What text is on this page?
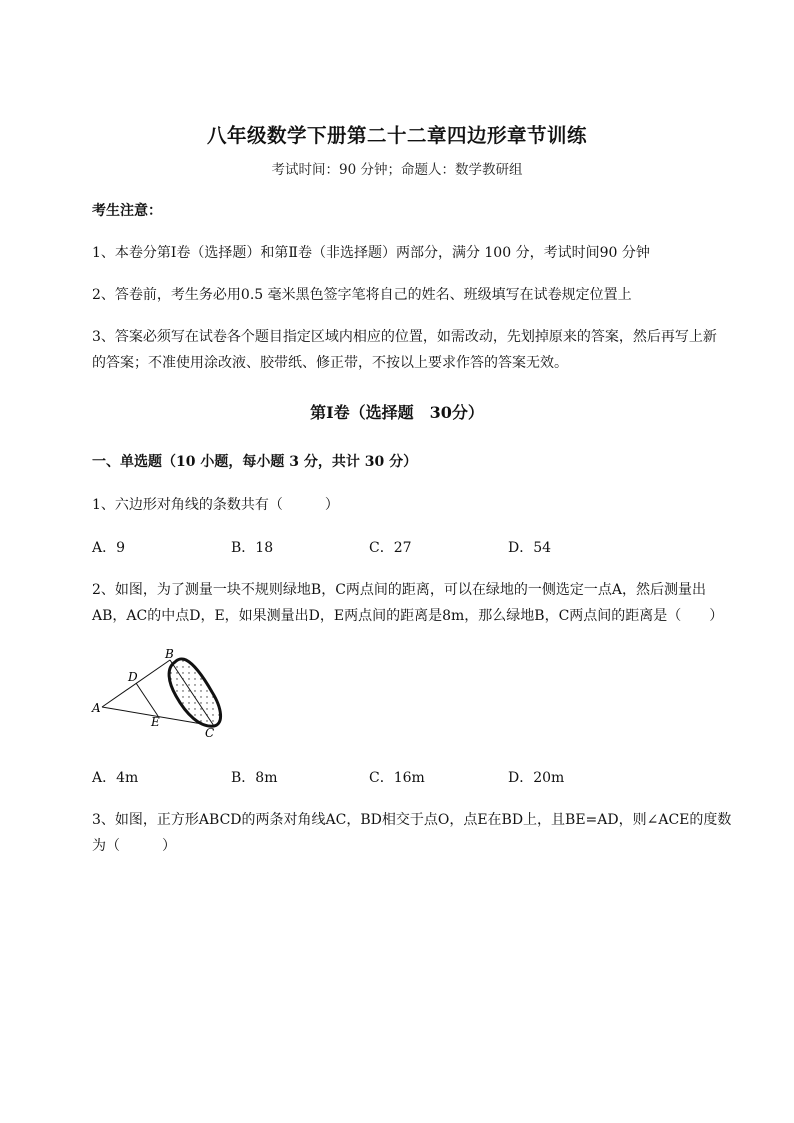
八年级数学下册第二十二章四边形章节训练
考试时间：90 分钟；命题人：数学教研组
考生注意：
1、本卷分第Ⅰ卷（选择题）和第Ⅱ卷（非选择题）两部分，满分 100 分，考试时间90 分钟
2、答卷前，考生务必用0.5 毫米黑色签字笔将自己的姓名、班级填写在试卷规定位置上
3、答案必须写在试卷各个题目指定区域内相应的位置，如需改动，先划掉原来的答案，然后再写上新
的答案；不准使用涂改液、胶带纸、修正带，不按以上要求作答的答案无效。
第Ⅰ卷（选择题　30分）
一、单选题（10 小题，每小题 3 分，共计 30 分）
1、六边形对角线的条数共有（　　　）
A．9	B．18	C．27	D．54
2、如图，为了测量一块不规则绿地B，C两点间的距离，可以在绿地的一侧选定一点A，然后测量出
AB，AC的中点D，E，如果测量出D，E两点间的距离是8m，那么绿地B，C两点间的距离是（　　）
A
B
C
D
E
A．4m	B．8m	C．16m	D．20m
3、如图，正方形ABCD的两条对角线AC，BD相交于点O，点E在BD上，且BE=AD，则∠ACE的度数
为（　　　）
